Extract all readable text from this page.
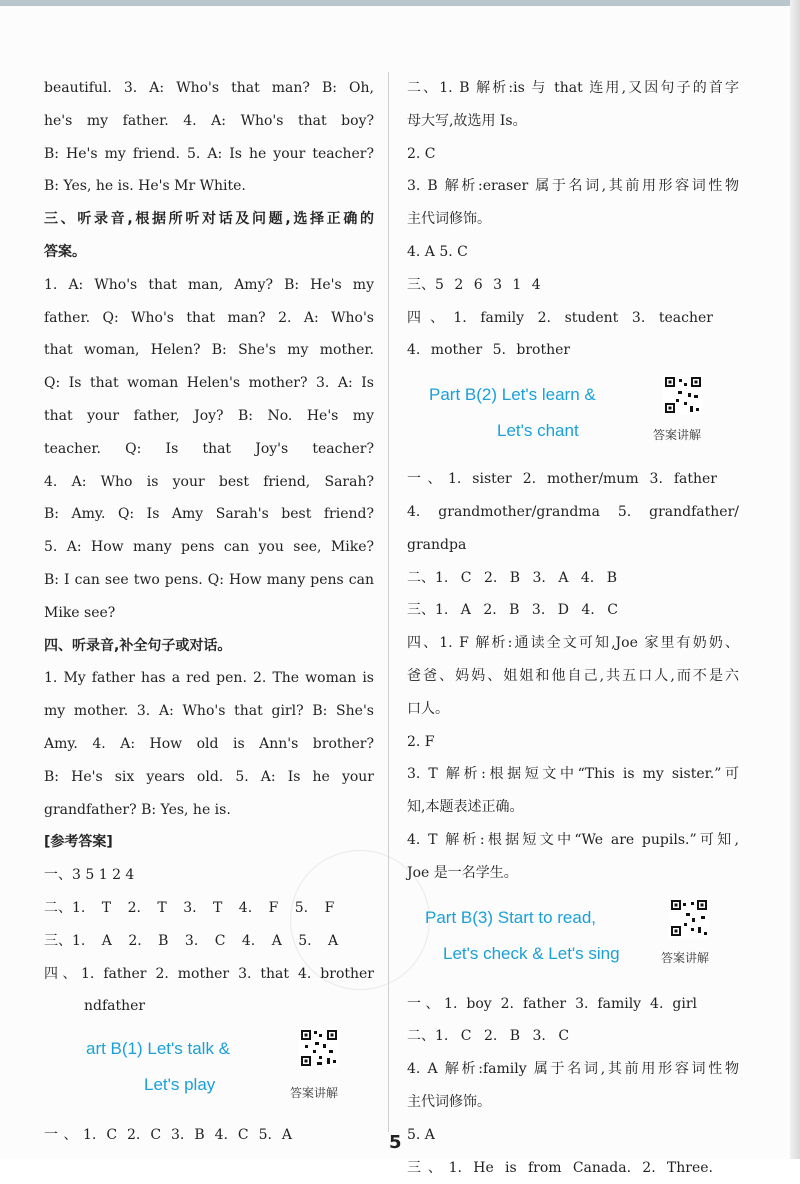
beautiful. 3. A: Who's that man? B: Oh,
he's my father. 4. A: Who's that boy?
B: He's my friend. 5. A: Is he your teacher?
B: Yes, he is. He's Mr White.
三、听录音,根据所听对话及问题,选择正确的
答案。
1. A: Who's that man, Amy? B: He's my
father. Q: Who's that man? 2. A: Who's
that woman, Helen? B: She's my mother.
Q: Is that woman Helen's mother? 3. A: Is
that your father, Joy? B: No. He's my
teacher. Q: Is that Joy's teacher?
4. A: Who is your best friend, Sarah?
B: Amy. Q: Is Amy Sarah's best friend?
5. A: How many pens can you see, Mike?
B: I can see two pens. Q: How many pens can
Mike see?
四、听录音,补全句子或对话。
1. My father has a red pen. 2. The woman is
my mother. 3. A: Who's that girl? B: She's
Amy. 4. A: How old is Ann's brother?
B: He's six years old. 5. A: Is he your
grandfather? B: Yes, he is.
[参考答案]
一、3 5 1 2 4
二、1. T 2. T 3. T 4. F 5. F
三、1. A 2. B 3. C 4. A 5. A
四、1. father 2. mother 3. that 4. brother
ndfather
art B(1) Let's talk &
Let's play	答案讲解
一、1. C 2. C 3. B 4. C 5. A
二、1. B 解析:is 与 that 连用,又因句子的首字
母大写,故选用 Is。
2. C
3. B 解析:eraser 属于名词,其前用形容词性物
主代词修饰。
4. A 5. C
三、5 2 6 3 1 4
四、1. family 2. student 3. teacher
4. mother 5. brother
Part B(2) Let's learn &
Let's chant	答案讲解
一、1. sister 2. mother/mum 3. father
4. grandmother/grandma 5. grandfather/
grandpa
二、1. C 2. B 3. A 4. B
三、1. A 2. B 3. D 4. C
四、1. F 解析:通读全文可知,Joe 家里有奶奶、
爸爸、妈妈、姐姐和他自己,共五口人,而不是六
口人。
2. F
3. T 解析:根据短文中“This is my sister.”可
知,本题表述正确。
4. T 解析:根据短文中“We are pupils.”可知,
Joe 是一名学生。
Part B(3) Start to read,
Let's check & Let's sing	答案讲解
一、1. boy 2. father 3. family 4. girl
二、1. C 2. B 3. C
4. A 解析:family 属于名词,其前用形容词性物
主代词修饰。
5. A
三、1. He is from Canada. 2. Three.
5
